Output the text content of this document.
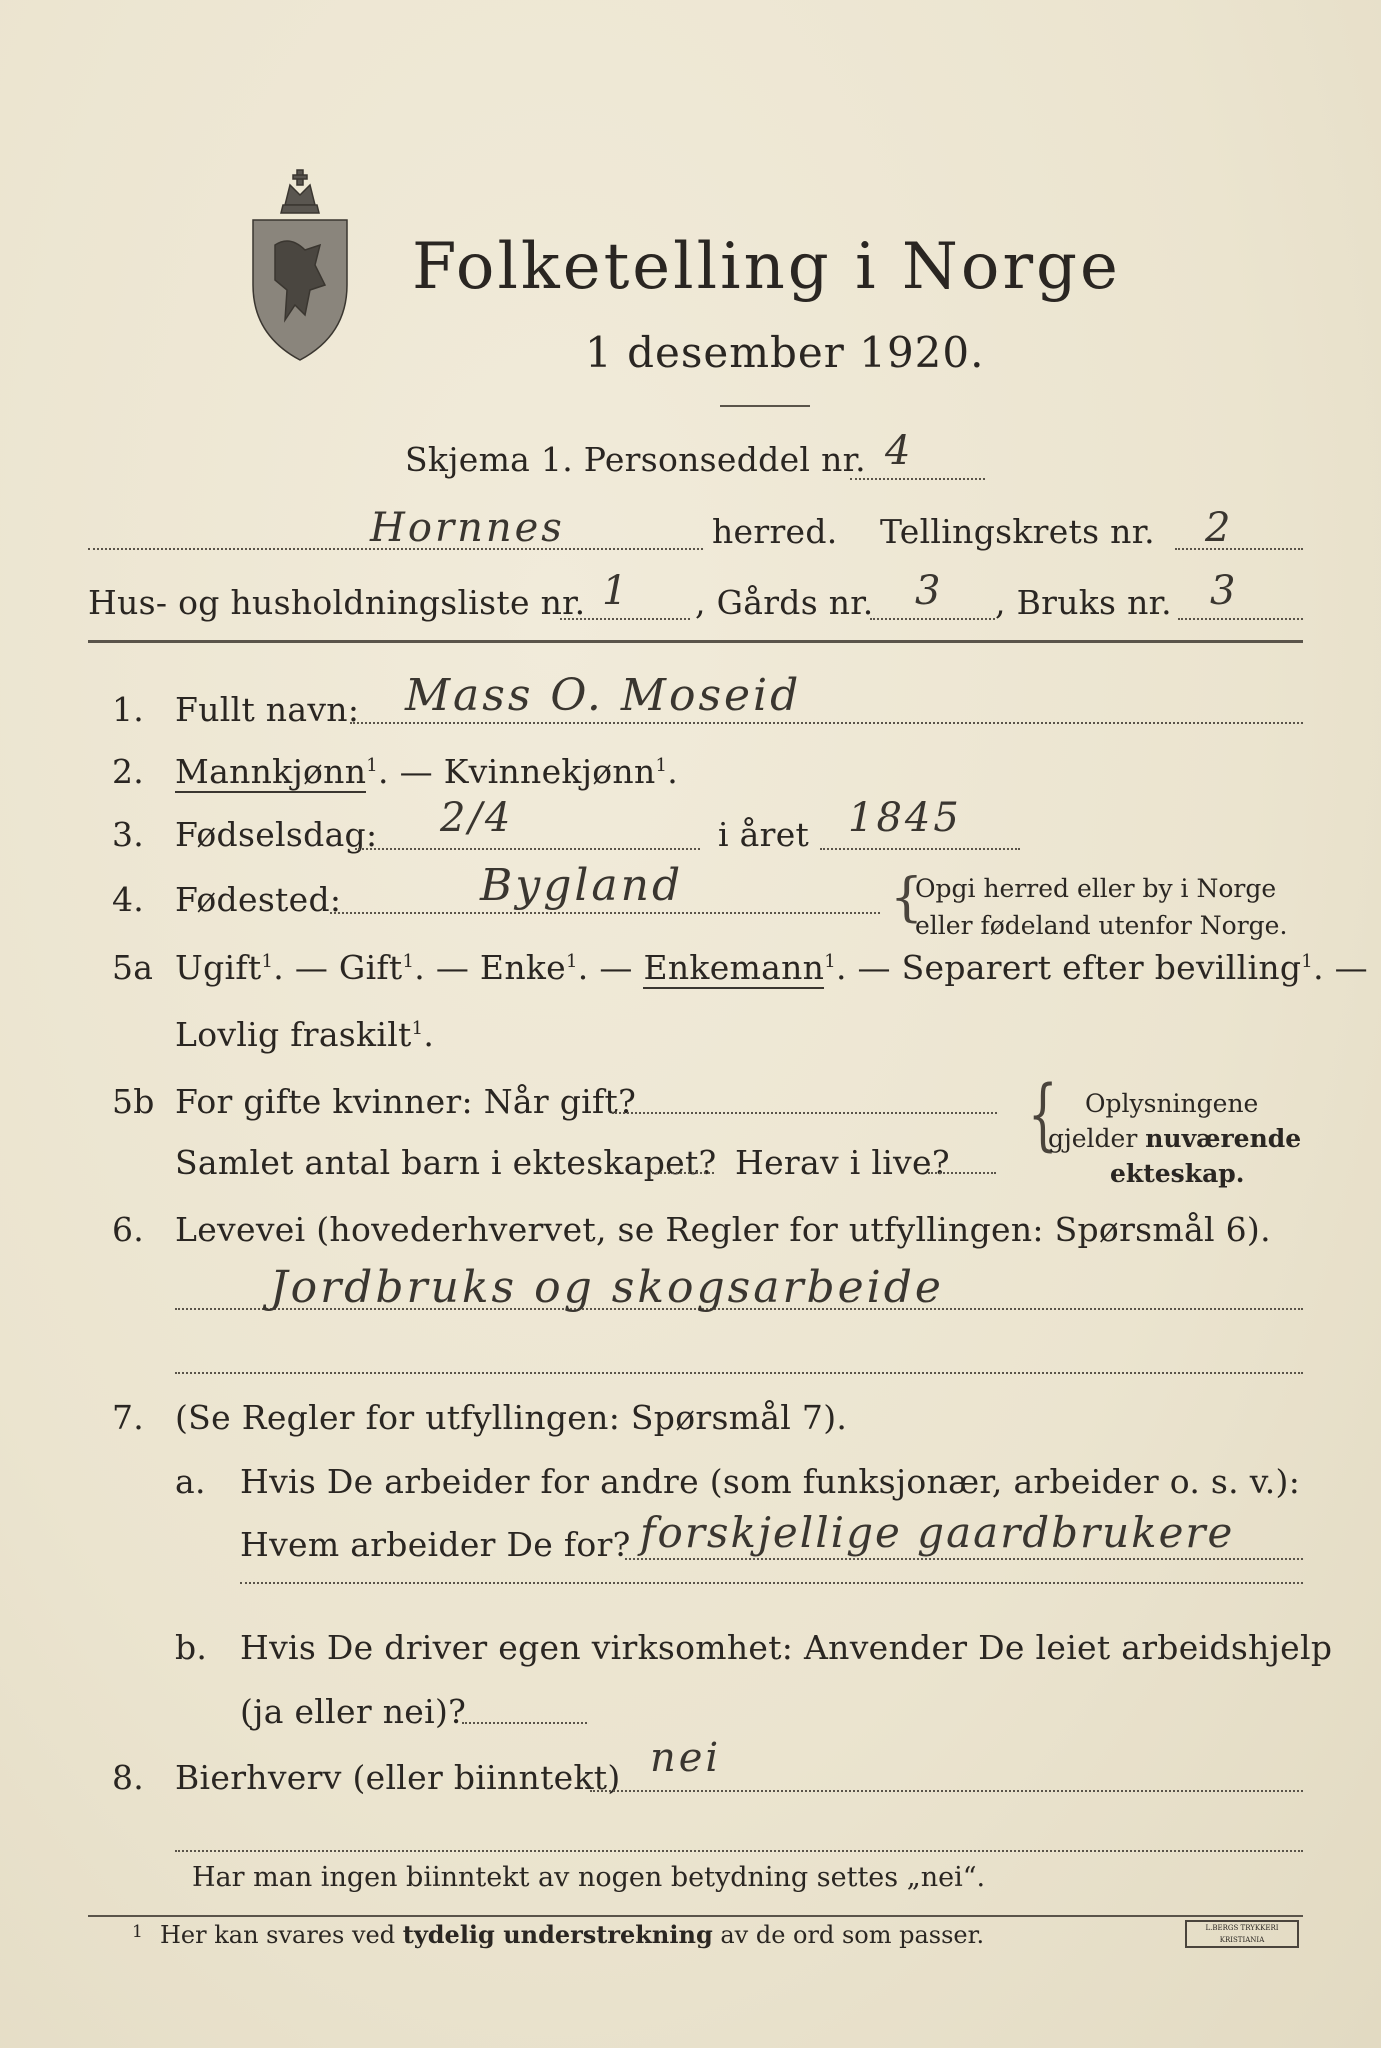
Folketelling i Norge
1 desember 1920.
Skjema 1. Personseddel nr. 4
Hornnes	herred. Tellingskrets nr. 2
Hus- og husholdningsliste nr. 1 , Gårds nr. 3 , Bruks nr. 3
1. Fullt navn: Mass O. Moseid
2. Mannkjønn$^1$. — Kvinnekjønn$^1$.
3. Fødselsdag: 2/4	i året 1845
4. Fødested:	Bygland	{
Opgi herred eller by i Norge
eller fødeland utenfor Norge.
5a Ugift$^1$. — Gift$^1$. — Enke$^1$. — Enkemann$^1$. — Separert efter bevilling$^1$. —
Lovlig fraskilt$^1$.
5b For gifte kvinner: Når gift?
Samlet antal barn i ekteskapet? Herav i live?
{ Oplysningene
gjelder nuværende
ekteskap.
6. Levevei (hovederhvervet, se Regler for utfyllingen: Spørsmål 6).
Jordbruks og skogsarbeide
7. (Se Regler for utfyllingen: Spørsmål 7).
a. Hvis De arbeider for andre (som funksjonær, arbeider o. s. v.):
Hvem arbeider De for? forskjellige gaardbrukere
b. Hvis De driver egen virksomhet: Anvender De leiet arbeidshjelp
(ja eller nei)?
8. Bierhverv (eller biinntekt) nei
Har man ingen biinntekt av nogen betydning settes „nei“.
1 Her kan svares ved tydelig understrekning av de ord som passer.	L.BERGS TRYKKERI KRISTIANIA
